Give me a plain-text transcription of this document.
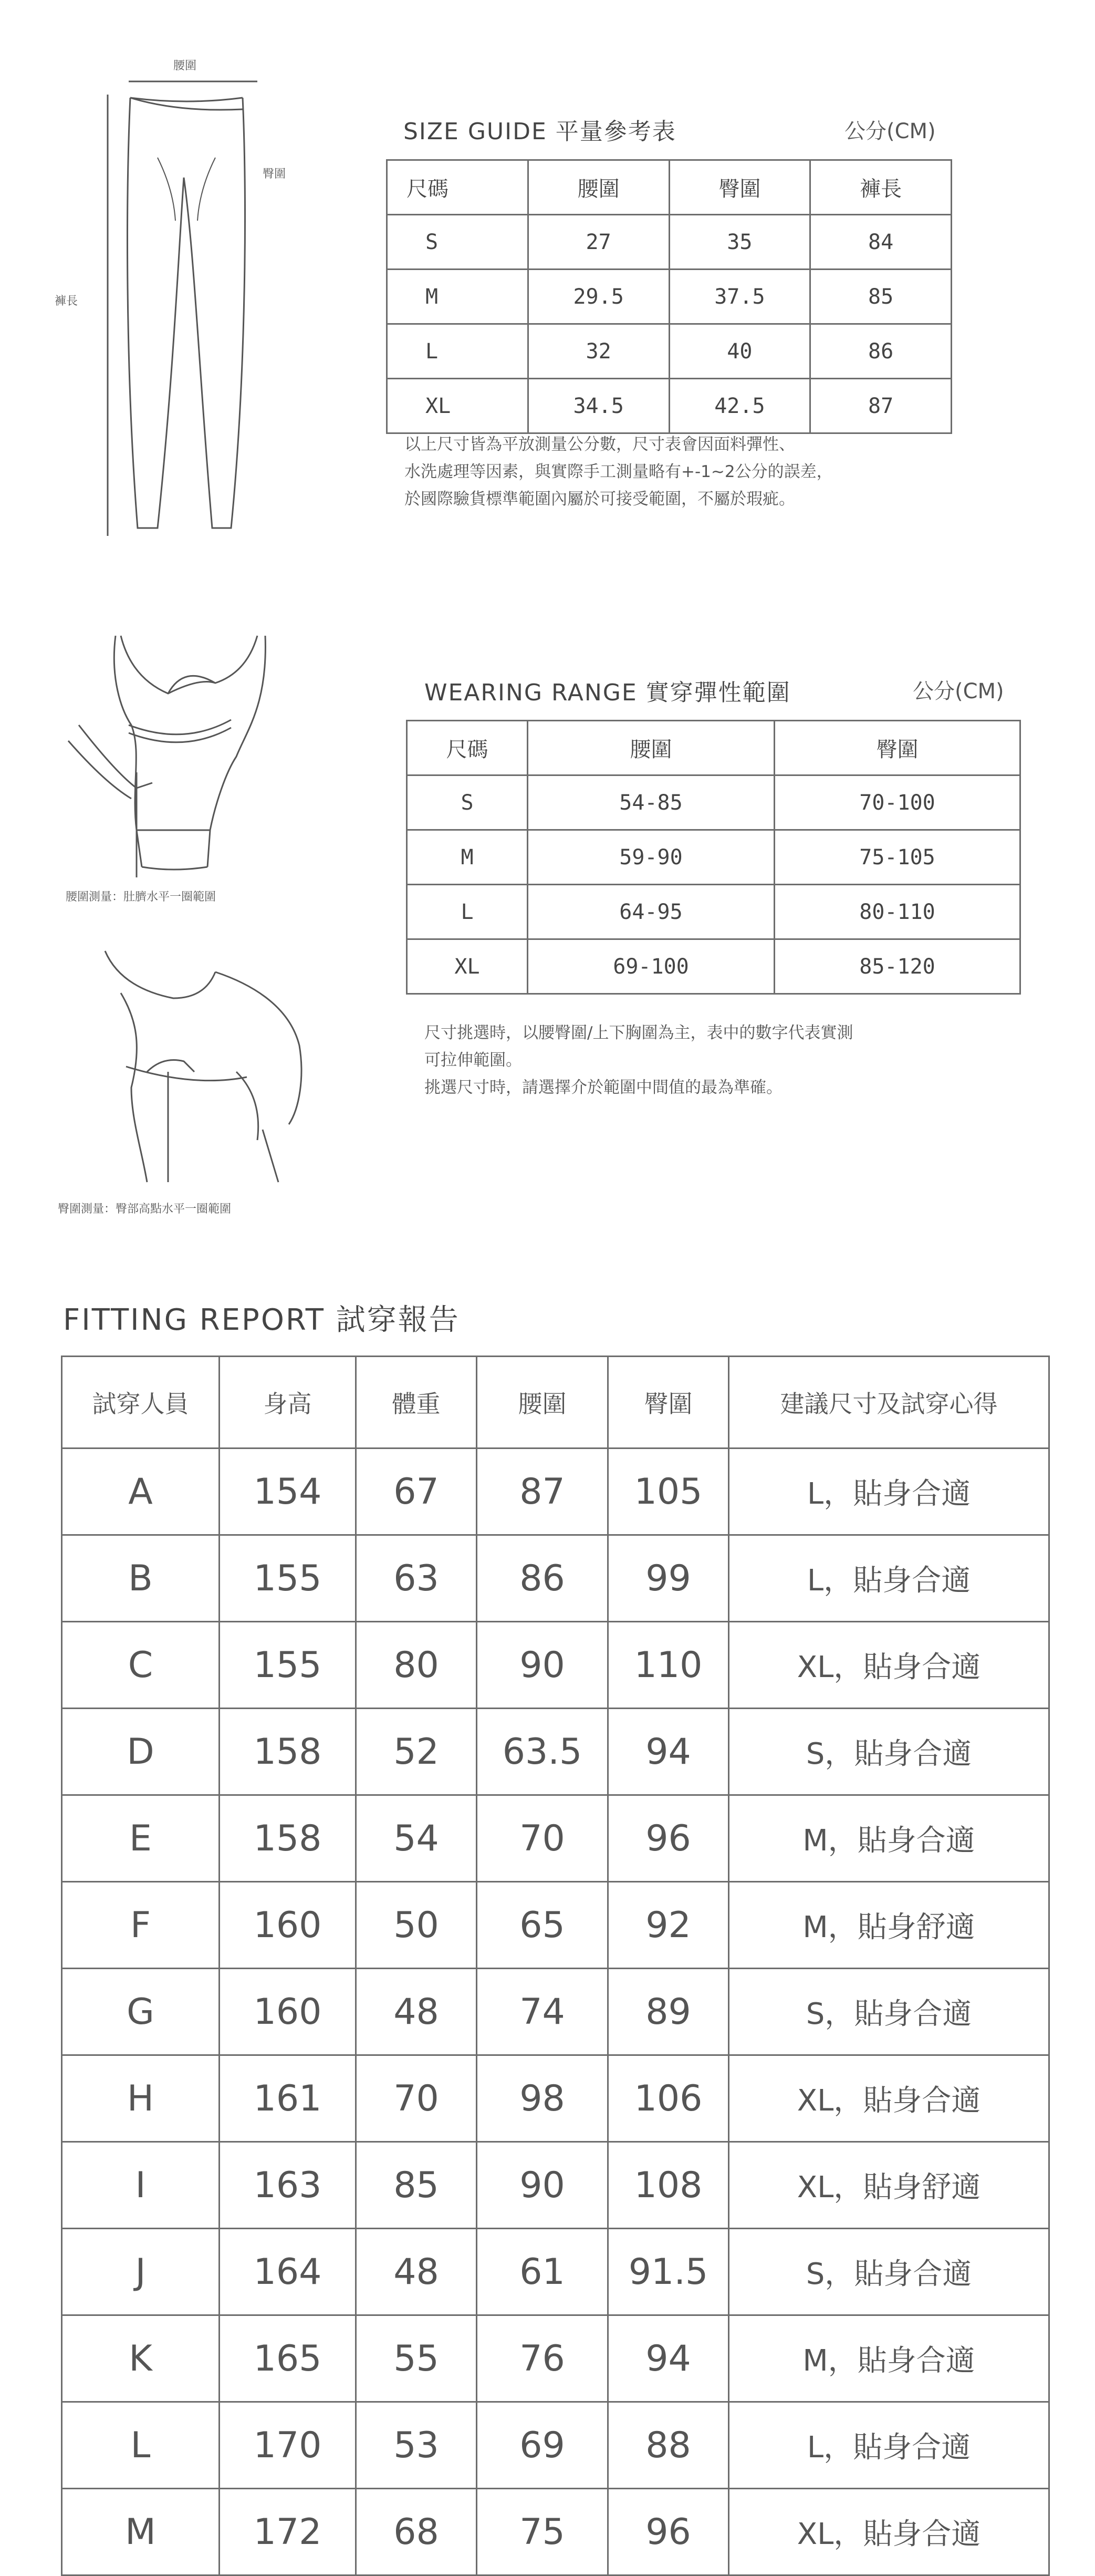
腰圍
臀圍
褲長
SIZE GUIDE 平量參考表	公分(CM)
尺碼	腰圍	臀圍	褲長
S	27	35	84
M	29.5	37.5	85
L	32	40	86
XL	34.5	42.5	87
以上尺寸皆為平放測量公分數，尺寸表會因面料彈性、
水洗處理等因素，與實際手工測量略有+-1~2公分的誤差，
於國際驗貨標準範圍內屬於可接受範圍，不屬於瑕疵。
腰圍測量：肚臍水平一圈範圍
臀圍測量：臀部高點水平一圈範圍
WEARING RANGE 實穿彈性範圍	公分(CM)
尺碼	腰圍	臀圍
S	54-85	70-100
M	59-90	75-105
L	64-95	80-110
XL	69-100	85-120
尺寸挑選時，以腰臀圍/上下胸圍為主，表中的數字代表實測
可拉伸範圍。
挑選尺寸時，請選擇介於範圍中間值的最為準確。
FITTING REPORT 試穿報告
試穿人員	身高	體重	腰圍	臀圍	建議尺寸及試穿心得
A	154	67	87	105	L，貼身合適
B	155	63	86	99	L，貼身合適
C	155	80	90	110	XL，貼身合適
D	158	52	63.5	94	S，貼身合適
E	158	54	70	96	M，貼身合適
F	160	50	65	92	M，貼身舒適
G	160	48	74	89	S，貼身合適
H	161	70	98	106	XL，貼身合適
I	163	85	90	108	XL，貼身舒適
J	164	48	61	91.5	S，貼身合適
K	165	55	76	94	M，貼身合適
L	170	53	69	88	L，貼身合適
M	172	68	75	96	XL，貼身合適
